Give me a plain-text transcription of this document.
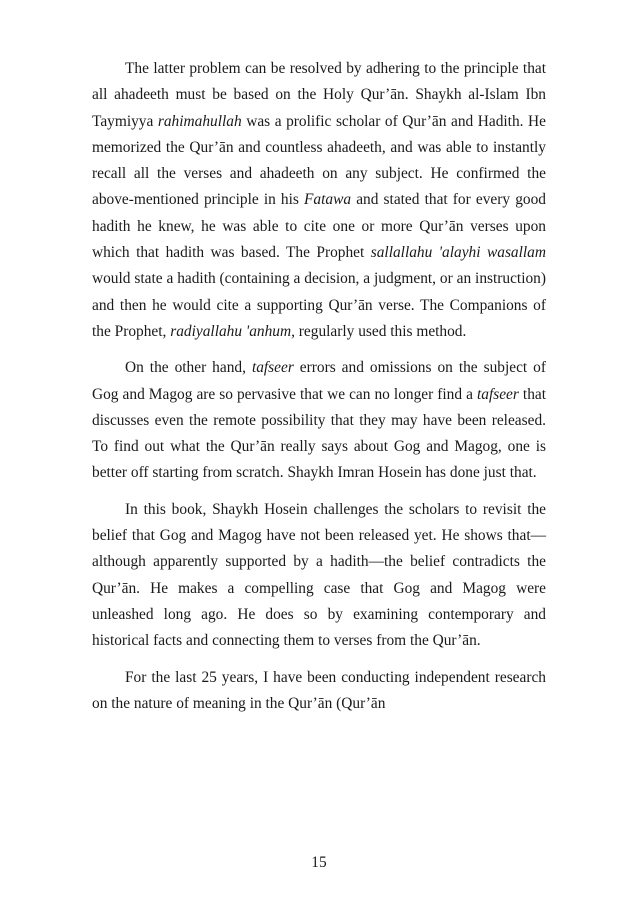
The latter problem can be resolved by adhering to the principle that all ahadeeth must be based on the Holy Qur’ān. Shaykh al-Islam Ibn Taymiyya rahimahullah was a prolific scholar of Qur’ān and Hadith. He memorized the Qur’ān and countless ahadeeth, and was able to instantly recall all the verses and ahadeeth on any subject. He confirmed the above-mentioned principle in his Fatawa and stated that for every good hadith he knew, he was able to cite one or more Qur’ān verses upon which that hadith was based. The Prophet sallallahu 'alayhi wasallam would state a hadith (containing a decision, a judgment, or an instruction) and then he would cite a supporting Qur’ān verse. The Companions of the Prophet, radiyallahu 'anhum, regularly used this method.

On the other hand, tafseer errors and omissions on the subject of Gog and Magog are so pervasive that we can no longer find a tafseer that discusses even the remote possibility that they may have been released. To find out what the Qur’ān really says about Gog and Magog, one is better off starting from scratch. Shaykh Imran Hosein has done just that.

In this book, Shaykh Hosein challenges the scholars to revisit the belief that Gog and Magog have not been released yet. He shows that—although apparently supported by a hadith—the belief contradicts the Qur’ān. He makes a compelling case that Gog and Magog were unleashed long ago. He does so by examining contemporary and historical facts and connecting them to verses from the Qur’ān.

For the last 25 years, I have been conducting independent research on the nature of meaning in the Qur’ān (Qur’ān

15
